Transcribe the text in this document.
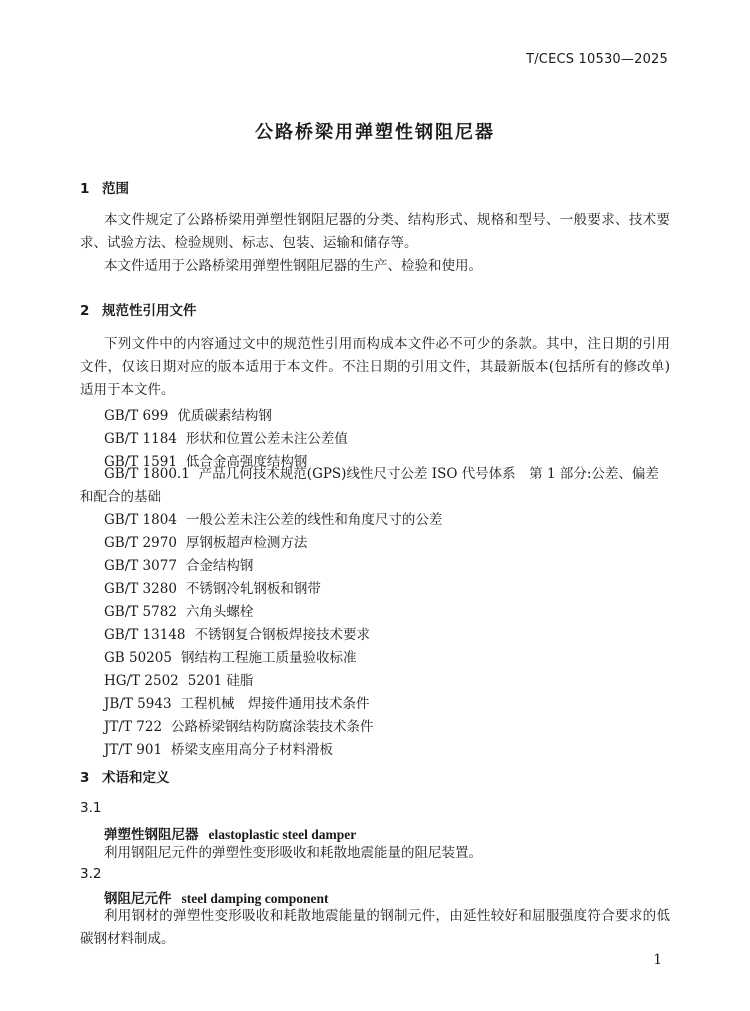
T/CECS 10530—2025
公路桥梁用弹塑性钢阻尼器
1 范围

本文件规定了公路桥梁用弹塑性钢阻尼器的分类、结构形式、规格和型号、一般要求、技术要求、试验方法、检验规则、标志、包装、运输和储存等。

本文件适用于公路桥梁用弹塑性钢阻尼器的生产、检验和使用。

2 规范性引用文件

下列文件中的内容通过文中的规范性引用而构成本文件必不可少的条款。其中，注日期的引用文件，仅该日期对应的版本适用于本文件。不注日期的引用文件，其最新版本(包括所有的修改单)适用于本文件。

GB/T 699 优质碳素结构钢
GB/T 1184 形状和位置公差未注公差值
GB/T 1591 低合金高强度结构钢
GB/T 1800.1 产品几何技术规范(GPS)线性尺寸公差 ISO 代号体系　第 1 部分:公差、偏差和配合的基础
GB/T 1804 一般公差未注公差的线性和角度尺寸的公差
GB/T 2970 厚钢板超声检测方法
GB/T 3077 合金结构钢
GB/T 3280 不锈钢冷轧钢板和钢带
GB/T 5782 六角头螺栓
GB/T 13148 不锈钢复合钢板焊接技术要求
GB 50205 钢结构工程施工质量验收标准
HG/T 2502 5201 硅脂
JB/T 5943 工程机械　焊接件通用技术条件
JT/T 722 公路桥梁钢结构防腐涂装技术条件
JT/T 901 桥梁支座用高分子材料滑板
3 术语和定义
3.1
弹塑性钢阻尼器 elastoplastic steel damper

利用钢阻尼元件的弹塑性变形吸收和耗散地震能量的阻尼装置。

3.2
钢阻尼元件 steel damping component

利用钢材的弹塑性变形吸收和耗散地震能量的钢制元件，由延性较好和屈服强度符合要求的低碳钢材料制成。

1
